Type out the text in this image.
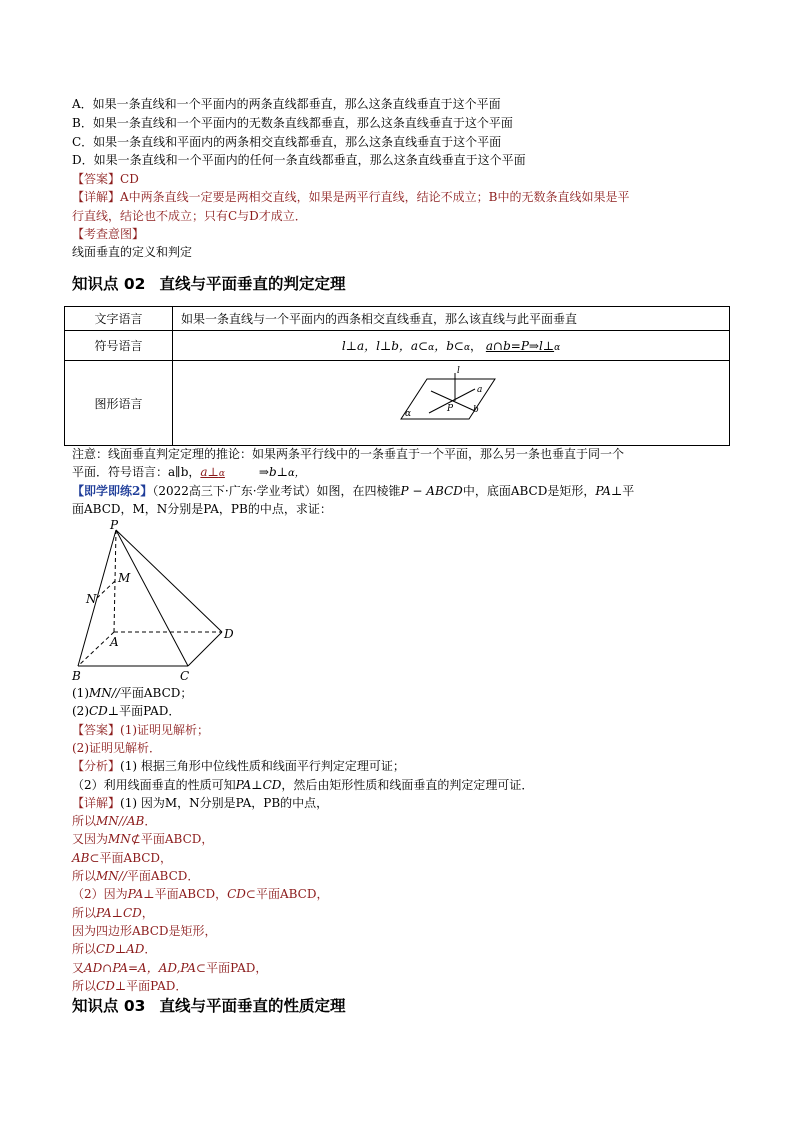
A．如果一条直线和一个平面内的两条直线都垂直，那么这条直线垂直于这个平面
B．如果一条直线和一个平面内的无数条直线都垂直，那么这条直线垂直于这个平面
C．如果一条直线和平面内的两条相交直线都垂直，那么这条直线垂直于这个平面
D．如果一条直线和一个平面内的任何一条直线都垂直，那么这条直线垂直于这个平面
【答案】CD
【详解】A中两条直线一定要是两相交直线，如果是两平行直线，结论不成立；B中的无数条直线如果是平
行直线，结论也不成立；只有C与D才成立．
【考查意图】
线面垂直的定义和判定
知识点 02 直线与平面垂直的判定定理
文字语言	如果一条直线与一个平面内的西条相交直线垂直，那么该直线与此平面垂直
符号语言	l⊥a，l⊥b，a⊂α，b⊂α， a∩b=P⇒l⊥α
图形语言	l
a
b
P
α
注意：线面垂直判定定理的推论：如果两条平行线中的一条垂直于一个平面，那么另一条也垂直于同一个
平面．符号语言：a∥b，a⊥α	⇒b⊥α，
【即学即练2】（2022高三下·广东·学业考试）如图，在四棱锥P − ABCD中，底面ABCD是矩形，PA⊥平
面ABCD，M，N分别是PA，PB的中点，求证：
P
M
N
A
B	C
D
(1)MN//平面ABCD；
(2)CD⊥平面PAD．
【答案】(1)证明见解析；
(2)证明见解析．
【分析】(1) 根据三角形中位线性质和线面平行判定定理可证；
（2）利用线面垂直的性质可知PA⊥CD，然后由矩形性质和线面垂直的判定定理可证．
【详解】(1) 因为M，N分别是PA，PB的中点，
所以MN//AB．
又因为MN⊄平面ABCD，
AB⊂平面ABCD，
所以MN//平面ABCD．
（2）因为PA⊥平面ABCD，CD⊂平面ABCD，
所以PA⊥CD，
因为四边形ABCD是矩形，
所以CD⊥AD．
又AD∩PA=A，AD,PA⊂平面PAD，
所以CD⊥平面PAD．
知识点 03 直线与平面垂直的性质定理
